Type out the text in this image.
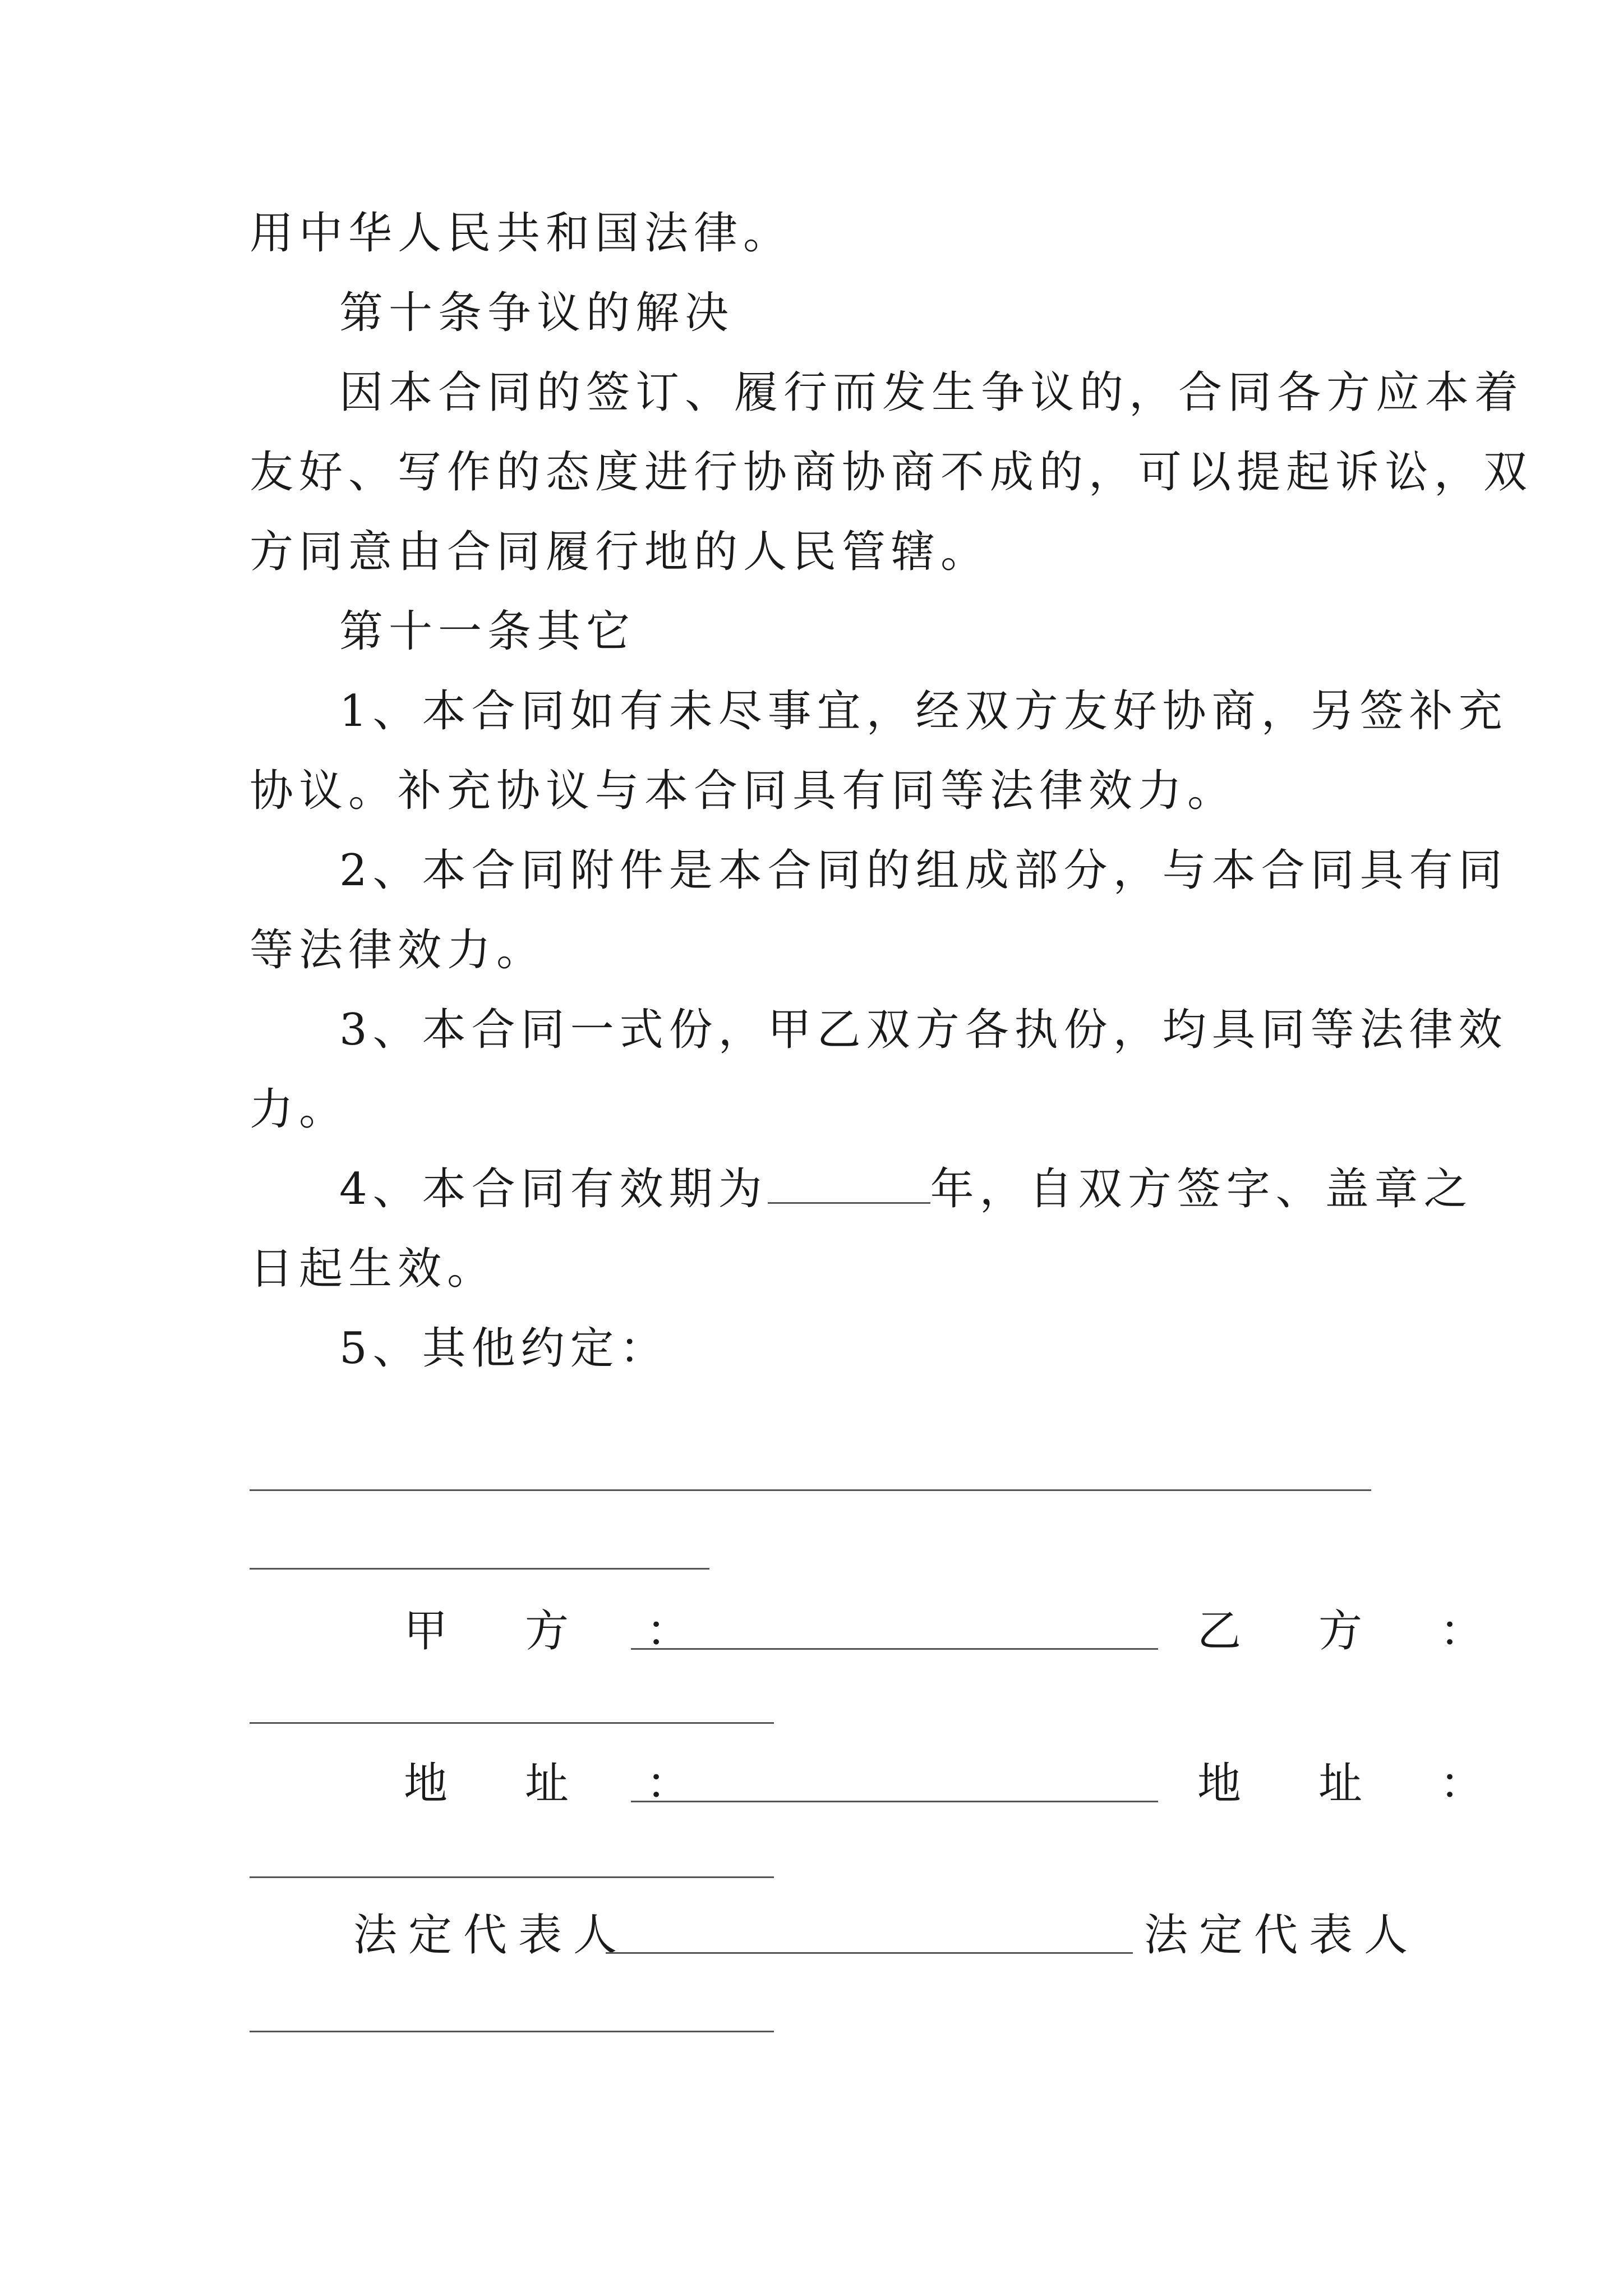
用中华人民共和国法律。
第十条争议的解决
因本合同的签订、履行而发生争议的，合同各方应本着
友好、写作的态度进行协商协商不成的，可以提起诉讼，双
方同意由合同履行地的人民管辖。
第十一条其它
1、本合同如有未尽事宜，经双方友好协商，另签补充
协议。补充协议与本合同具有同等法律效力。
2、本合同附件是本合同的组成部分，与本合同具有同
等法律效力。
3、本合同一式份，甲乙双方各执份，均具同等法律效
力。
4、本合同有效期为	年，自双方签字、盖章之
日起生效。
5、其他约定：
甲　方　：	乙　方　：
地　址　：	地　址　：
法定代表人	法定代表人
